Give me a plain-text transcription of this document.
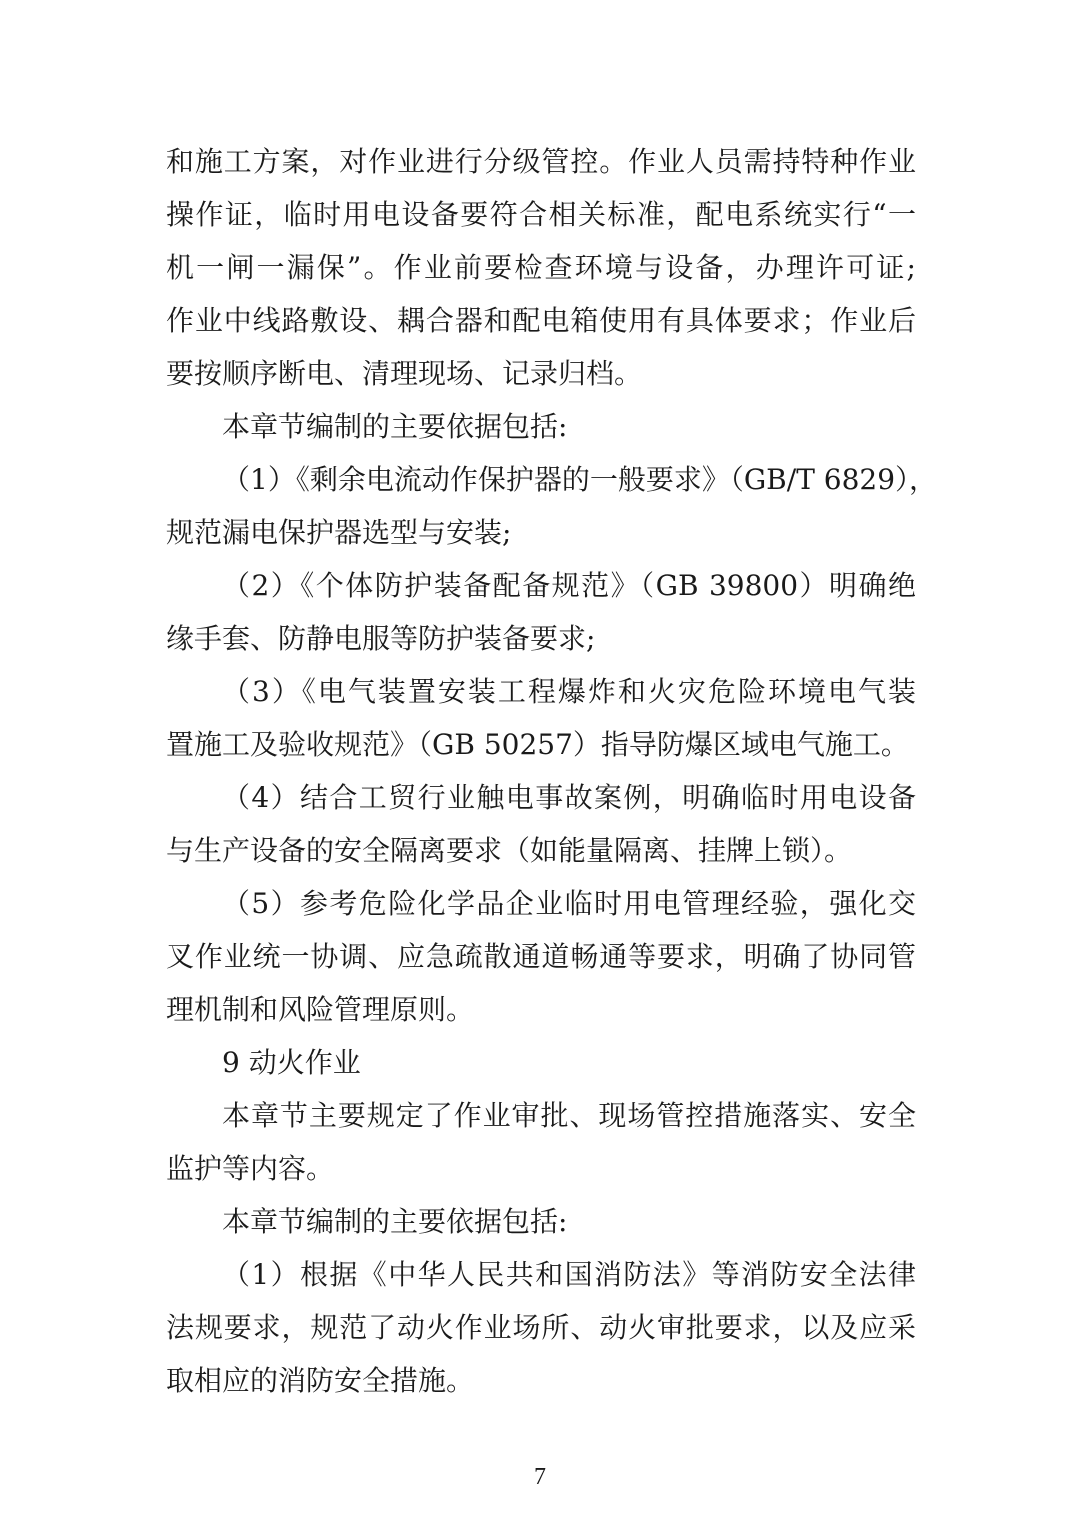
和施工方案，对作业进行分级管控。作业人员需持特种作业
操作证，临时用电设备要符合相关标准，配电系统实行“一
机一闸一漏保”。作业前要检查环境与设备，办理许可证;
作业中线路敷设、耦合器和配电箱使用有具体要求；作业后
要按顺序断电、清理现场、记录归档。
本章节编制的主要依据包括:
（1）《剩余电流动作保护器的一般要求》（GB/T 6829），
规范漏电保护器选型与安装;
（2）《个体防护装备配备规范》（GB 39800）明确绝
缘手套、防静电服等防护装备要求;
（3）《电气装置安装工程爆炸和火灾危险环境电气装
置施工及验收规范》（GB 50257）指导防爆区域电气施工。
（4）结合工贸行业触电事故案例，明确临时用电设备
与生产设备的安全隔离要求（如能量隔离、挂牌上锁）。
（5）参考危险化学品企业临时用电管理经验，强化交
叉作业统一协调、应急疏散通道畅通等要求，明确了协同管
理机制和风险管理原则。
9 动火作业
本章节主要规定了作业审批、现场管控措施落实、安全
监护等内容。
本章节编制的主要依据包括:
（1）根据《中华人民共和国消防法》等消防安全法律
法规要求，规范了动火作业场所、动火审批要求，以及应采
取相应的消防安全措施。
7
